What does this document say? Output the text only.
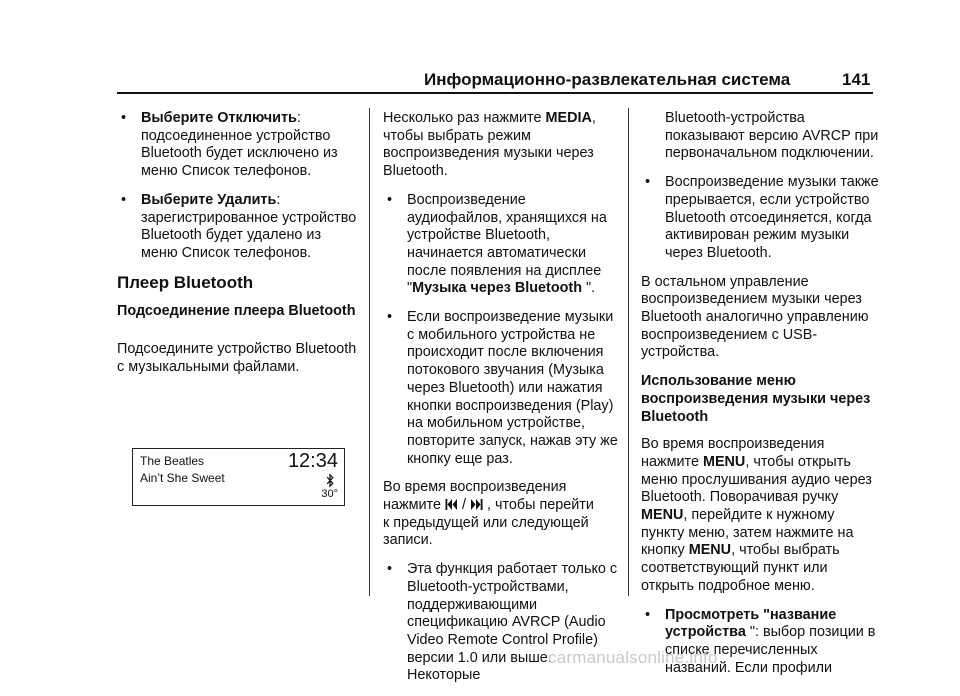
Информационно-развлекательная система	141
• Выберите Отключить: подсоединенное устройство Bluetooth будет исключено из меню Список телефонов.
• Выберите Удалить: зарегистрированное устройство Bluetooth будет удалено из меню Список телефонов.
Плеер Bluetooth
Подсоединение плеера Bluetooth

Подсоедините устройство Bluetooth с музыкальными файлами.

The Beatles
Ain’t She Sweet
12:34
30°

Несколько раз нажмите MEDIA, чтобы выбрать режим воспроизведения музыки через Bluetooth.

• Воспроизведение аудиофайлов, хранящихся на устройстве Bluetooth, начинается автоматически после появления на дисплее "Музыка через Bluetooth ".
• Если воспроизведение музыки с мобильного устройства не происходит после включения потокового звучания (Музыка через Bluetooth) или нажатия кнопки воспроизведения (Play) на мобильном устройстве, повторите запуск, нажав эту же кнопку еще раз.

Во время воспроизведения
нажмите  /  , чтобы перейти
к предыдущей или следующей записи.

• Эта функция работает только с Bluetooth-устройствами, поддерживающими спецификацию AVRCP (Audio Video Remote Control Profile) версии 1.0 или выше. Некоторые

Bluetooth-устройства показывают версию AVRCP при первоначальном подключении.

• Воспроизведение музыки также прерывается, если устройство Bluetooth отсоединяется, когда активирован режим музыки через Bluetooth.

В остальном управление воспроизведением музыки через Bluetooth аналогично управлению воспроизведением с USB-устройства.

Использование меню воспроизведения музыки через Bluetooth

Во время воспроизведения нажмите MENU, чтобы открыть меню прослушивания аудио через Bluetooth. Поворачивая ручку MENU, перейдите к нужному пункту меню, затем нажмите на кнопку MENU, чтобы выбрать соответствующий пункт или открыть подробное меню.

• Просмотреть "название устройства ": выбор позиции в списке перечисленных названий. Если профили
carmanualsonline.info
